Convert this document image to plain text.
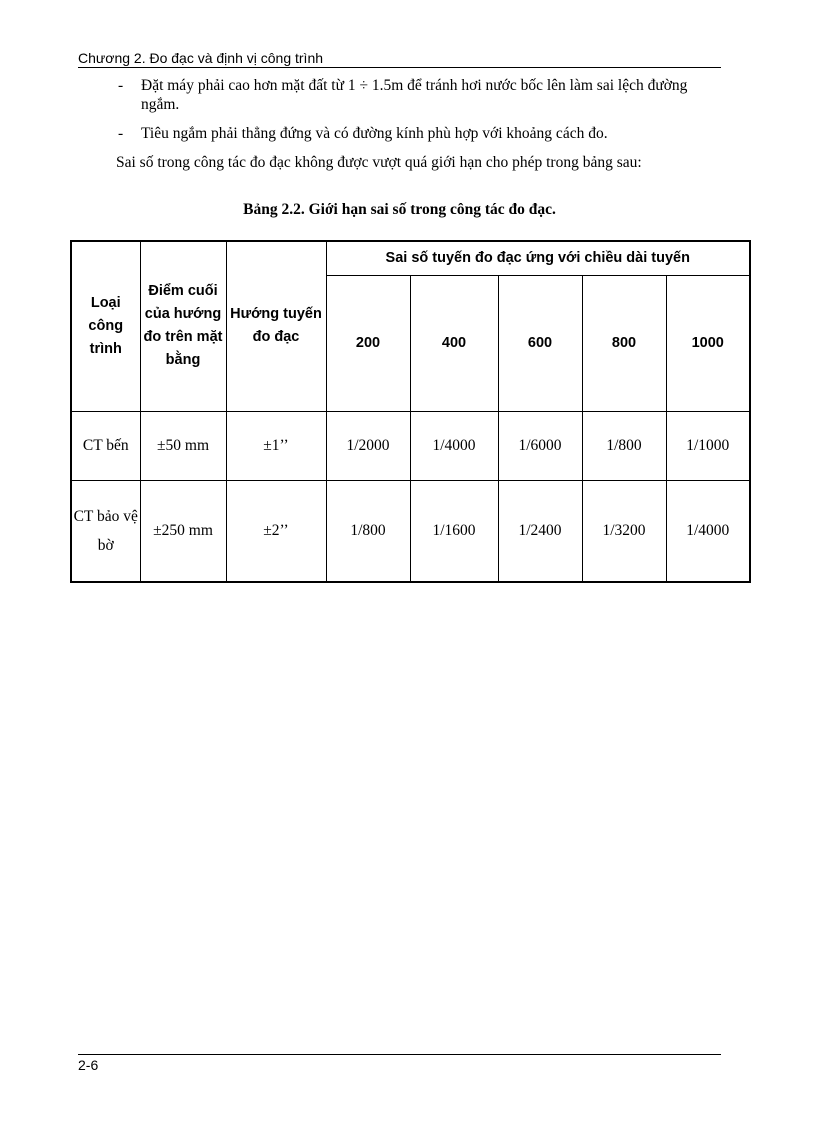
Chương 2. Đo đạc và định vị công trình
- Đặt máy phải cao hơn mặt đất từ 1 ÷ 1.5m để tránh hơi nước bốc lên làm sai lệch đường ngắm.
- Tiêu ngắm phải thẳng đứng và có đường kính phù hợp với khoảng cách đo.
Sai số trong công tác đo đạc không được vượt quá giới hạn cho phép trong bảng sau:
Bảng 2.2. Giới hạn sai số trong công tác đo đạc.
Loại công trình	Điểm cuối của hướng đo trên mặt bằng	Hướng tuyến đo đạc	Sai số tuyến đo đạc ứng với chiều dài tuyến				
			200	400	600	800	1000
CT bến	±50 mm	±1’’	1/2000	1/4000	1/6000	1/800	1/1000
CT bảo vệ bờ	±250 mm	±2’’	1/800	1/1600	1/2400	1/3200	1/4000
2-6
